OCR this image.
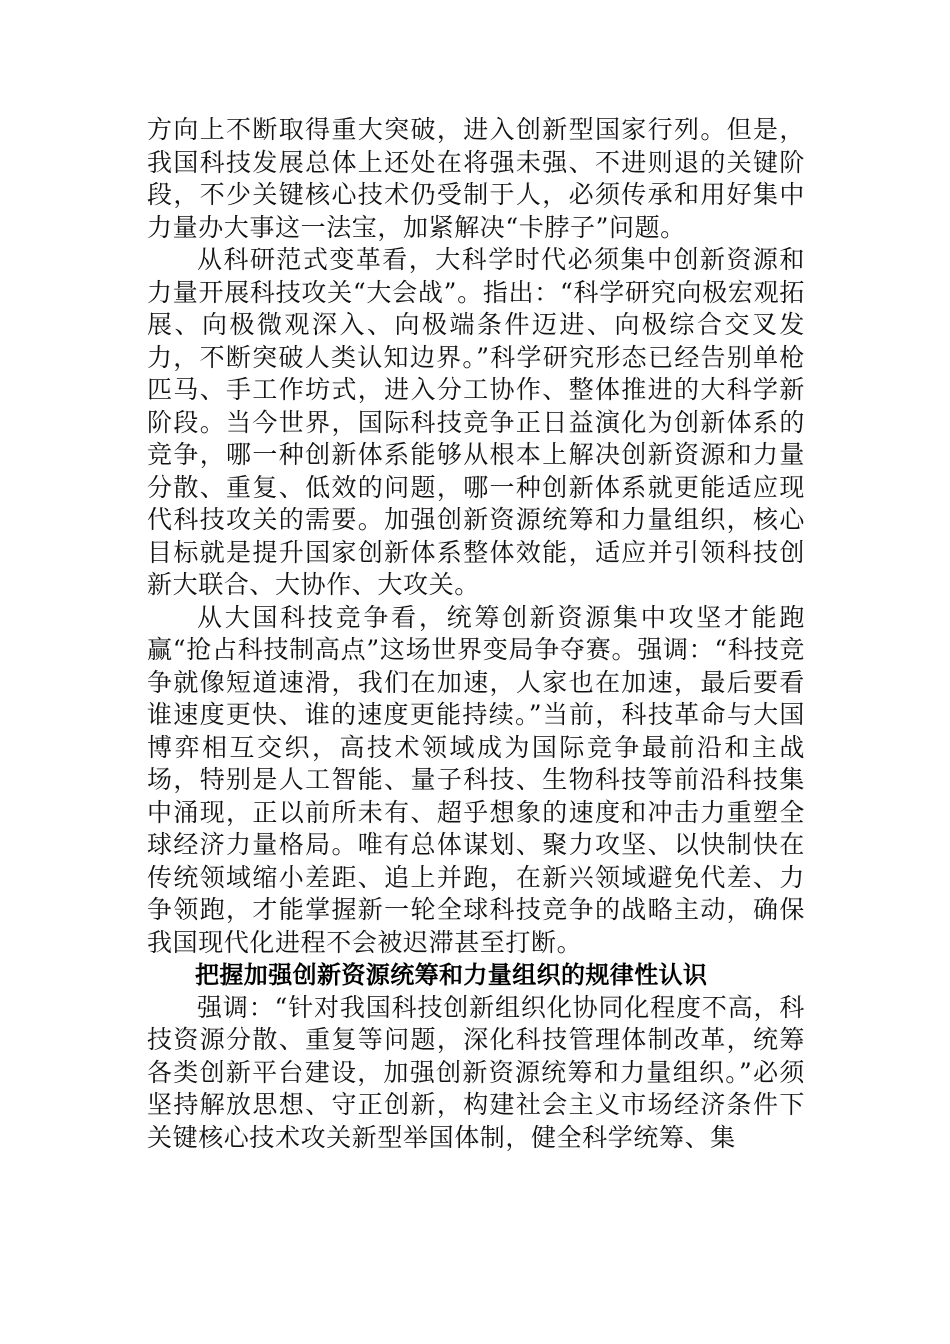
方向上不断取得重大突破，进入创新型国家行列。但是，我国科技发展总体上还处在将强未强、不进则退的关键阶段，不少关键核心技术仍受制于人，必须传承和用好集中力量办大事这一法宝，加紧解决“卡脖子”问题。

从科研范式变革看，大科学时代必须集中创新资源和力量开展科技攻关“大会战”。指出：“科学研究向极宏观拓展、向极微观深入、向极端条件迈进、向极综合交叉发力，不断突破人类认知边界。”科学研究形态已经告别单枪匹马、手工作坊式，进入分工协作、整体推进的大科学新阶段。当今世界，国际科技竞争正日益演化为创新体系的竞争，哪一种创新体系能够从根本上解决创新资源和力量分散、重复、低效的问题，哪一种创新体系就更能适应现代科技攻关的需要。加强创新资源统筹和力量组织，核心目标就是提升国家创新体系整体效能，适应并引领科技创新大联合、大协作、大攻关。

从大国科技竞争看，统筹创新资源集中攻坚才能跑赢“抢占科技制高点”这场世界变局争夺赛。强调：“科技竞争就像短道速滑，我们在加速，人家也在加速，最后要看谁速度更快、谁的速度更能持续。”当前，科技革命与大国博弈相互交织，高技术领域成为国际竞争最前沿和主战场，特别是人工智能、量子科技、生物科技等前沿科技集中涌现，正以前所未有、超乎想象的速度和冲击力重塑全球经济力量格局。唯有总体谋划、聚力攻坚、以快制快在传统领域缩小差距、追上并跑，在新兴领域避免代差、力争领跑，才能掌握新一轮全球科技竞争的战略主动，确保我国现代化进程不会被迟滞甚至打断。

把握加强创新资源统筹和力量组织的规律性认识

强调：“针对我国科技创新组织化协同化程度不高，科技资源分散、重复等问题，深化科技管理体制改革，统筹各类创新平台建设，加强创新资源统筹和力量组织。”必须坚持解放思想、守正创新，构建社会主义市场经济条件下关键核心技术攻关新型举国体制，健全科学统筹、集
